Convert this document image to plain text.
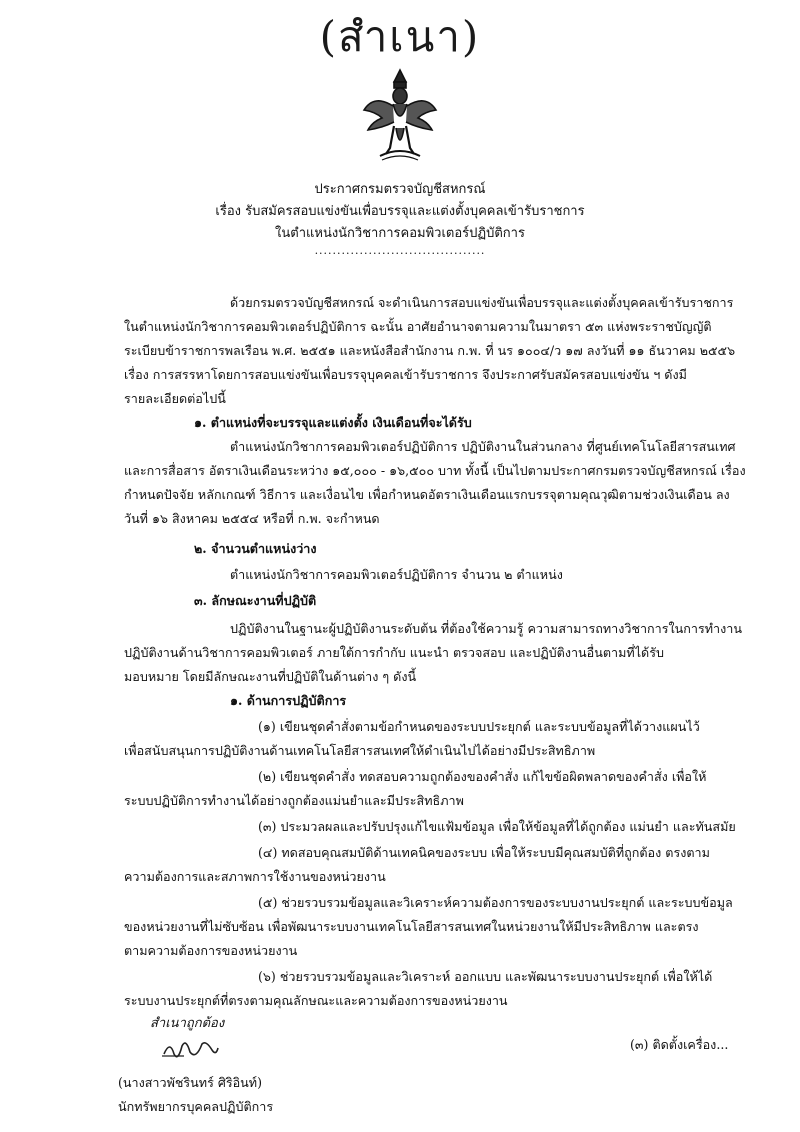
(สำเนา)
ประกาศกรมตรวจบัญชีสหกรณ์
เรื่อง รับสมัครสอบแข่งขันเพื่อบรรจุและแต่งตั้งบุคคลเข้ารับราชการ
ในตำแหน่งนักวิชาการคอมพิวเตอร์ปฏิบัติการ
......................................
ด้วยกรมตรวจบัญชีสหกรณ์ จะดำเนินการสอบแข่งขันเพื่อบรรจุและแต่งตั้งบุคคลเข้ารับราชการ
ในตำแหน่งนักวิชาการคอมพิวเตอร์ปฏิบัติการ ฉะนั้น อาศัยอำนาจตามความในมาตรา ๕๓ แห่งพระราชบัญญัติ
ระเบียบข้าราชการพลเรือน พ.ศ. ๒๕๕๑ และหนังสือสำนักงาน ก.พ. ที่ นร ๑๐๐๔/ว ๑๗ ลงวันที่ ๑๑ ธันวาคม ๒๕๕๖
เรื่อง การสรรหาโดยการสอบแข่งขันเพื่อบรรจุบุคคลเข้ารับราชการ จึงประกาศรับสมัครสอบแข่งขัน ฯ ดังมี
รายละเอียดต่อไปนี้
๑. ตำแหน่งที่จะบรรจุและแต่งตั้ง เงินเดือนที่จะได้รับ
ตำแหน่งนักวิชาการคอมพิวเตอร์ปฏิบัติการ ปฏิบัติงานในส่วนกลาง ที่ศูนย์เทคโนโลยีสารสนเทศ
และการสื่อสาร อัตราเงินเดือนระหว่าง ๑๕,๐๐๐ - ๑๖,๕๐๐ บาท ทั้งนี้ เป็นไปตามประกาศกรมตรวจบัญชีสหกรณ์ เรื่อง
กำหนดปัจจัย หลักเกณฑ์ วิธีการ และเงื่อนไข เพื่อกำหนดอัตราเงินเดือนแรกบรรจุตามคุณวุฒิตามช่วงเงินเดือน ลง
วันที่ ๑๖ สิงหาคม ๒๕๕๔ หรือที่ ก.พ. จะกำหนด
๒. จำนวนตำแหน่งว่าง
ตำแหน่งนักวิชาการคอมพิวเตอร์ปฏิบัติการ จำนวน ๒ ตำแหน่ง
๓. ลักษณะงานที่ปฏิบัติ
ปฏิบัติงานในฐานะผู้ปฏิบัติงานระดับต้น ที่ต้องใช้ความรู้ ความสามารถทางวิชาการในการทำงาน
ปฏิบัติงานด้านวิชาการคอมพิวเตอร์ ภายใต้การกำกับ แนะนำ ตรวจสอบ และปฏิบัติงานอื่นตามที่ได้รับ
มอบหมาย โดยมีลักษณะงานที่ปฏิบัติในด้านต่าง ๆ ดังนี้
๑. ด้านการปฏิบัติการ
(๑) เขียนชุดคำสั่งตามข้อกำหนดของระบบประยุกต์ และระบบข้อมูลที่ได้วางแผนไว้
เพื่อสนับสนุนการปฏิบัติงานด้านเทคโนโลยีสารสนเทศให้ดำเนินไปได้อย่างมีประสิทธิภาพ
(๒) เขียนชุดคำสั่ง ทดสอบความถูกต้องของคำสั่ง แก้ไขข้อผิดพลาดของคำสั่ง เพื่อให้
ระบบปฏิบัติการทำงานได้อย่างถูกต้องแม่นยำและมีประสิทธิภาพ
(๓) ประมวลผลและปรับปรุงแก้ไขแฟ้มข้อมูล เพื่อให้ข้อมูลที่ได้ถูกต้อง แม่นยำ และทันสมัย
(๔) ทดสอบคุณสมบัติด้านเทคนิคของระบบ เพื่อให้ระบบมีคุณสมบัติที่ถูกต้อง ตรงตาม
ความต้องการและสภาพการใช้งานของหน่วยงาน
(๕) ช่วยรวบรวมข้อมูลและวิเคราะห์ความต้องการของระบบงานประยุกต์ และระบบข้อมูล
ของหน่วยงานที่ไม่ซับซ้อน เพื่อพัฒนาระบบงานเทคโนโลยีสารสนเทศในหน่วยงานให้มีประสิทธิภาพ และตรง
ตามความต้องการของหน่วยงาน
(๖) ช่วยรวบรวมข้อมูลและวิเคราะห์ ออกแบบ และพัฒนาระบบงานประยุกต์ เพื่อให้ได้
ระบบงานประยุกต์ที่ตรงตามคุณลักษณะและความต้องการของหน่วยงาน
สำเนาถูกต้อง
(๓) ติดตั้งเครื่อง...
(นางสาวพัชรินทร์ ศิริอินท์)
นักทรัพยากรบุคคลปฏิบัติการ
